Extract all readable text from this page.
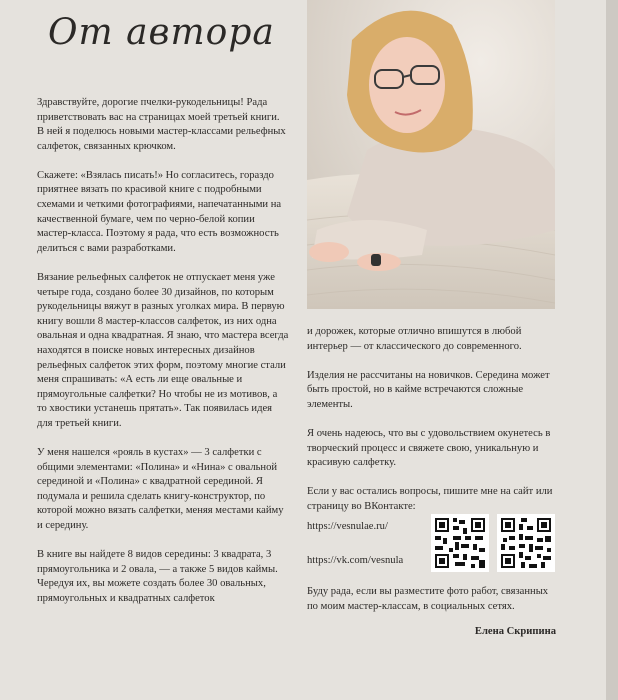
От автора

Здравствуйте, дорогие пчелки-рукодельницы! Рада приветствовать вас на страницах моей третьей книги. В ней я поделюсь новыми мастер-классами рельефных салфеток, связанных крючком.

Скажете: «Взялась писать!» Но согласитесь, гораздо приятнее вязать по красивой книге с подробными схемами и четкими фотографиями, напечатанными на качественной бумаге, чем по черно-белой копии мастер-класса. Поэтому я рада, что есть возможность делиться с вами разработками.

Вязание рельефных салфеток не отпускает меня уже четыре года, создано более 30 дизайнов, по которым рукодельницы вяжут в разных уголках мира. В первую книгу вошли 8 мастер-классов салфеток, из них одна овальная и одна квадратная. Я знаю, что мастера всегда находятся в поиске новых интересных дизайнов рельефных салфеток этих форм, поэтому многие стали меня спрашивать: «А есть ли еще овальные и прямоугольные салфетки? Но чтобы не из мотивов, а то хвостики устанешь прятать». Так появилась идея для третьей книги.

У меня нашелся «рояль в кустах» — 3 салфетки с общими элементами: «Полина» и «Нина» с овальной серединой и «Полина» с квадратной серединой. Я подумала и решила сделать книгу-конструктор, по которой можно вязать салфетки, меняя местами кайму и середину.

В книге вы найдете 8 видов середины: 3 квадрата, 3 прямоугольника и 2 овала, — а также 5 видов каймы. Чередуя их, вы можете создать более 30 овальных, прямоугольных и квадратных салфеток

и дорожек, которые отлично впишутся в любой интерьер — от классического до современного.

Изделия не рассчитаны на новичков. Середина может быть простой, но в кайме встречаются сложные элементы.

Я очень надеюсь, что вы с удовольствием окунетесь в творческий процесс и свяжете свою, уникальную и красивую салфетку.

Если у вас остались вопросы, пишите мне на сайт или страницу во ВКонтакте:

https://vesnulae.ru/
https://vk.com/vesnula
Буду рада, если вы разместите фото работ, связанных по моим мастер-классам, в социальных сетях.
Елена Скрипина
